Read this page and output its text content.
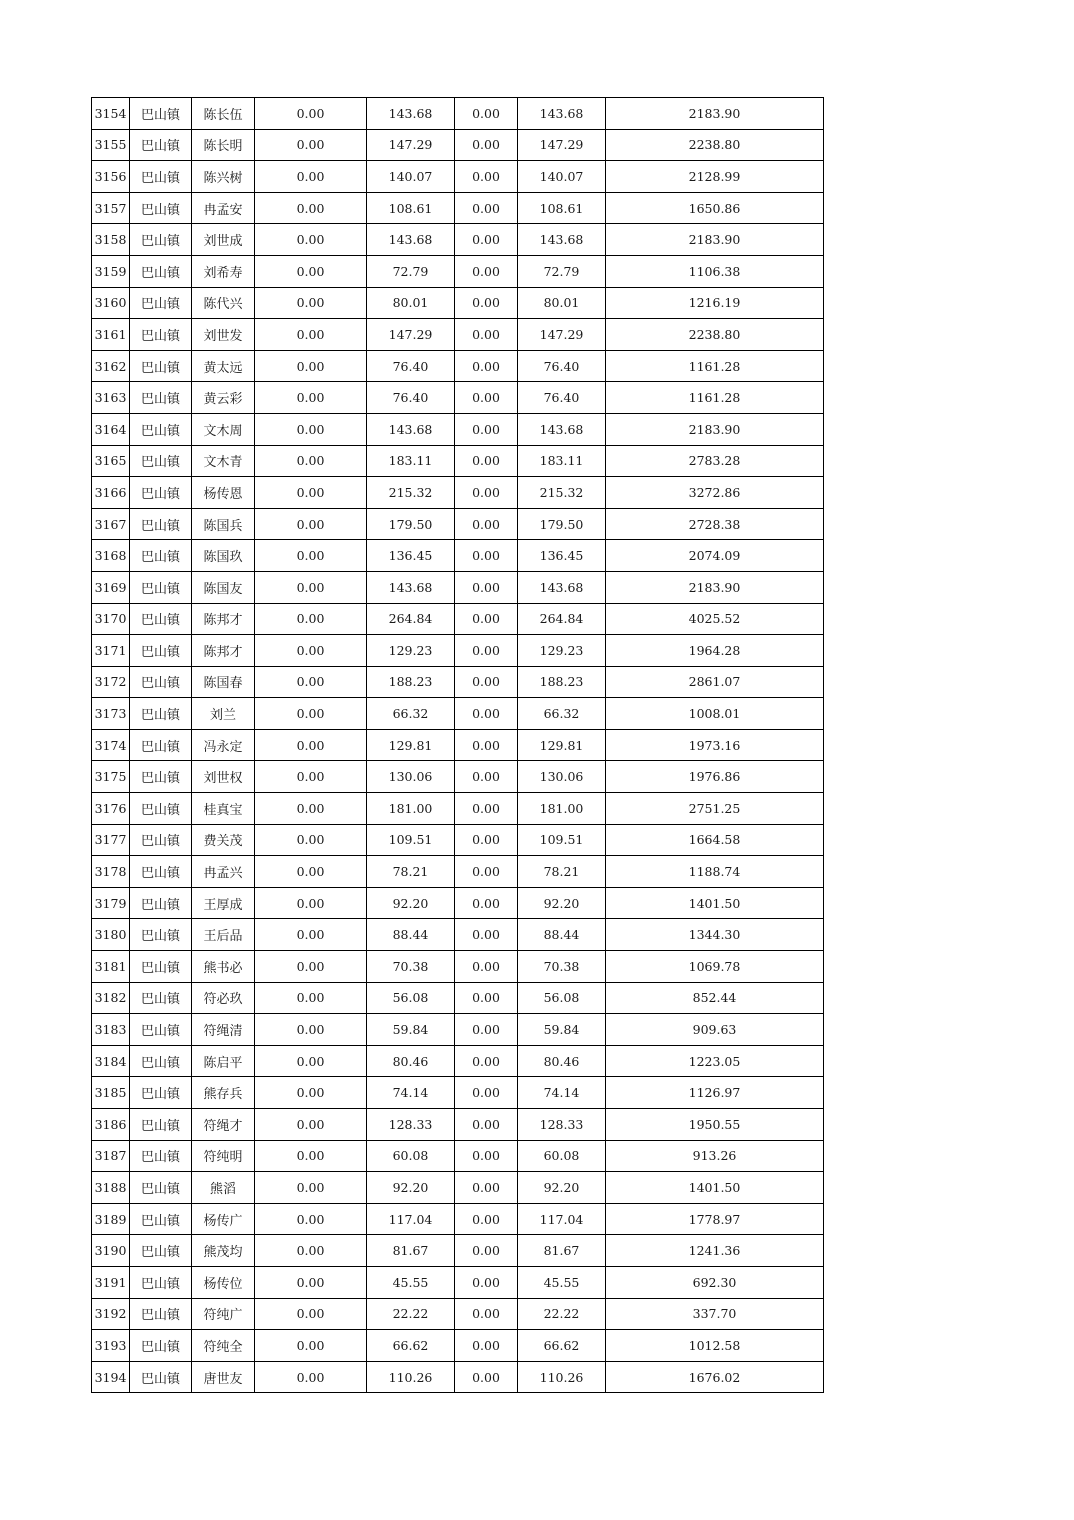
3154	巴山镇	陈长伍	0.00	143.68	0.00	143.68	2183.90
3155	巴山镇	陈长明	0.00	147.29	0.00	147.29	2238.80
3156	巴山镇	陈兴树	0.00	140.07	0.00	140.07	2128.99
3157	巴山镇	冉孟安	0.00	108.61	0.00	108.61	1650.86
3158	巴山镇	刘世成	0.00	143.68	0.00	143.68	2183.90
3159	巴山镇	刘希寿	0.00	72.79	0.00	72.79	1106.38
3160	巴山镇	陈代兴	0.00	80.01	0.00	80.01	1216.19
3161	巴山镇	刘世发	0.00	147.29	0.00	147.29	2238.80
3162	巴山镇	黄太远	0.00	76.40	0.00	76.40	1161.28
3163	巴山镇	黄云彩	0.00	76.40	0.00	76.40	1161.28
3164	巴山镇	文木周	0.00	143.68	0.00	143.68	2183.90
3165	巴山镇	文木青	0.00	183.11	0.00	183.11	2783.28
3166	巴山镇	杨传恩	0.00	215.32	0.00	215.32	3272.86
3167	巴山镇	陈国兵	0.00	179.50	0.00	179.50	2728.38
3168	巴山镇	陈国玖	0.00	136.45	0.00	136.45	2074.09
3169	巴山镇	陈国友	0.00	143.68	0.00	143.68	2183.90
3170	巴山镇	陈邦才	0.00	264.84	0.00	264.84	4025.52
3171	巴山镇	陈邦才	0.00	129.23	0.00	129.23	1964.28
3172	巴山镇	陈国春	0.00	188.23	0.00	188.23	2861.07
3173	巴山镇	刘兰	0.00	66.32	0.00	66.32	1008.01
3174	巴山镇	冯永定	0.00	129.81	0.00	129.81	1973.16
3175	巴山镇	刘世权	0.00	130.06	0.00	130.06	1976.86
3176	巴山镇	桂真宝	0.00	181.00	0.00	181.00	2751.25
3177	巴山镇	费关茂	0.00	109.51	0.00	109.51	1664.58
3178	巴山镇	冉孟兴	0.00	78.21	0.00	78.21	1188.74
3179	巴山镇	王厚成	0.00	92.20	0.00	92.20	1401.50
3180	巴山镇	王后品	0.00	88.44	0.00	88.44	1344.30
3181	巴山镇	熊书必	0.00	70.38	0.00	70.38	1069.78
3182	巴山镇	符必玖	0.00	56.08	0.00	56.08	852.44
3183	巴山镇	符绳清	0.00	59.84	0.00	59.84	909.63
3184	巴山镇	陈启平	0.00	80.46	0.00	80.46	1223.05
3185	巴山镇	熊存兵	0.00	74.14	0.00	74.14	1126.97
3186	巴山镇	符绳才	0.00	128.33	0.00	128.33	1950.55
3187	巴山镇	符纯明	0.00	60.08	0.00	60.08	913.26
3188	巴山镇	熊滔	0.00	92.20	0.00	92.20	1401.50
3189	巴山镇	杨传广	0.00	117.04	0.00	117.04	1778.97
3190	巴山镇	熊茂均	0.00	81.67	0.00	81.67	1241.36
3191	巴山镇	杨传位	0.00	45.55	0.00	45.55	692.30
3192	巴山镇	符纯广	0.00	22.22	0.00	22.22	337.70
3193	巴山镇	符纯全	0.00	66.62	0.00	66.62	1012.58
3194	巴山镇	唐世友	0.00	110.26	0.00	110.26	1676.02
